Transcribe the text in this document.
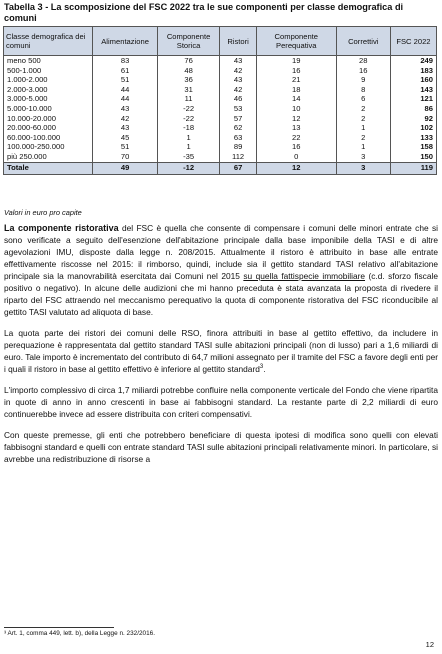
Tabella 3 - La scomposizione del FSC 2022 tra le sue componenti per classe demografica di comuni
Classe demografica dei comuni	Alimentazione	Componente Storica	Ristori	Componente Perequativa	Correttivi	FSC 2022
meno 500	83	76	43	19	28	249
500-1.000	61	48	42	16	16	183
1.000-2.000	51	36	43	21	9	160
2.000-3.000	44	31	42	18	8	143
3.000-5.000	44	11	46	14	6	121
5.000-10.000	43	-22	53	10	2	86
10.000-20.000	42	-22	57	12	2	92
20.000-60.000	43	-18	62	13	1	102
60.000-100.000	45	1	63	22	2	133
100.000-250.000	51	1	89	16	1	158
più 250.000	70	-35	112	0	3	150
Totale	49	-12	67	12	3	119
Valori in euro pro capite

La componente ristorativa del FSC è quella che consente di compensare i comuni delle minori entrate che si sono verificate a seguito dell'esenzione dell'abitazione principale dalla base imponibile della TASI e di altre agevolazioni IMU, disposte dalla legge n. 208/2015. Attualmente il ristoro è attribuito in base alle entrate effettivamente riscosse nel 2015: il rimborso, quindi, include sia il gettito standard TASI relativo all'abitazione principale sia la manovrabilità esercitata dai Comuni nel 2015 su quella fattispecie immobiliare (c.d. sforzo fiscale positivo o negativo). In alcune delle audizioni che mi hanno preceduta è stata avanzata la proposta di rivedere il riparto del FSC attraendo nel meccanismo perequativo la quota di componente ristorativa del FSC riconducibile al gettito TASI valutato ad aliquota di base.

La quota parte dei ristori dei comuni delle RSO, finora attribuiti in base al gettito effettivo, da includere in perequazione è rappresentata dal gettito standard TASI sulle abitazioni principali (non di lusso) pari a 1,6 miliardi di euro. Tale importo è incrementato del contributo di 64,7 milioni assegnato per il tramite del FSC a favore degli enti per i quali il ristoro in base al gettito effettivo è inferiore al gettito standard$^3$.

L'importo complessivo di circa 1,7 miliardi potrebbe confluire nella componente verticale del Fondo che viene ripartita in quote di anno in anno crescenti in base ai fabbisogni standard. La restante parte di 2,2 miliardi di euro continuerebbe invece ad essere distribuita con criteri compensativi.

Con queste premesse, gli enti che potrebbero beneficiare di questa ipotesi di modifica sono quelli con elevati fabbisogni standard e quelli con entrate standard TASI sulle abitazioni principali relativamente minori. In particolare, si avrebbe una redistribuzione di risorse a

³ Art. 1, comma 449, lett. b), della Legge n. 232/2016.
12
